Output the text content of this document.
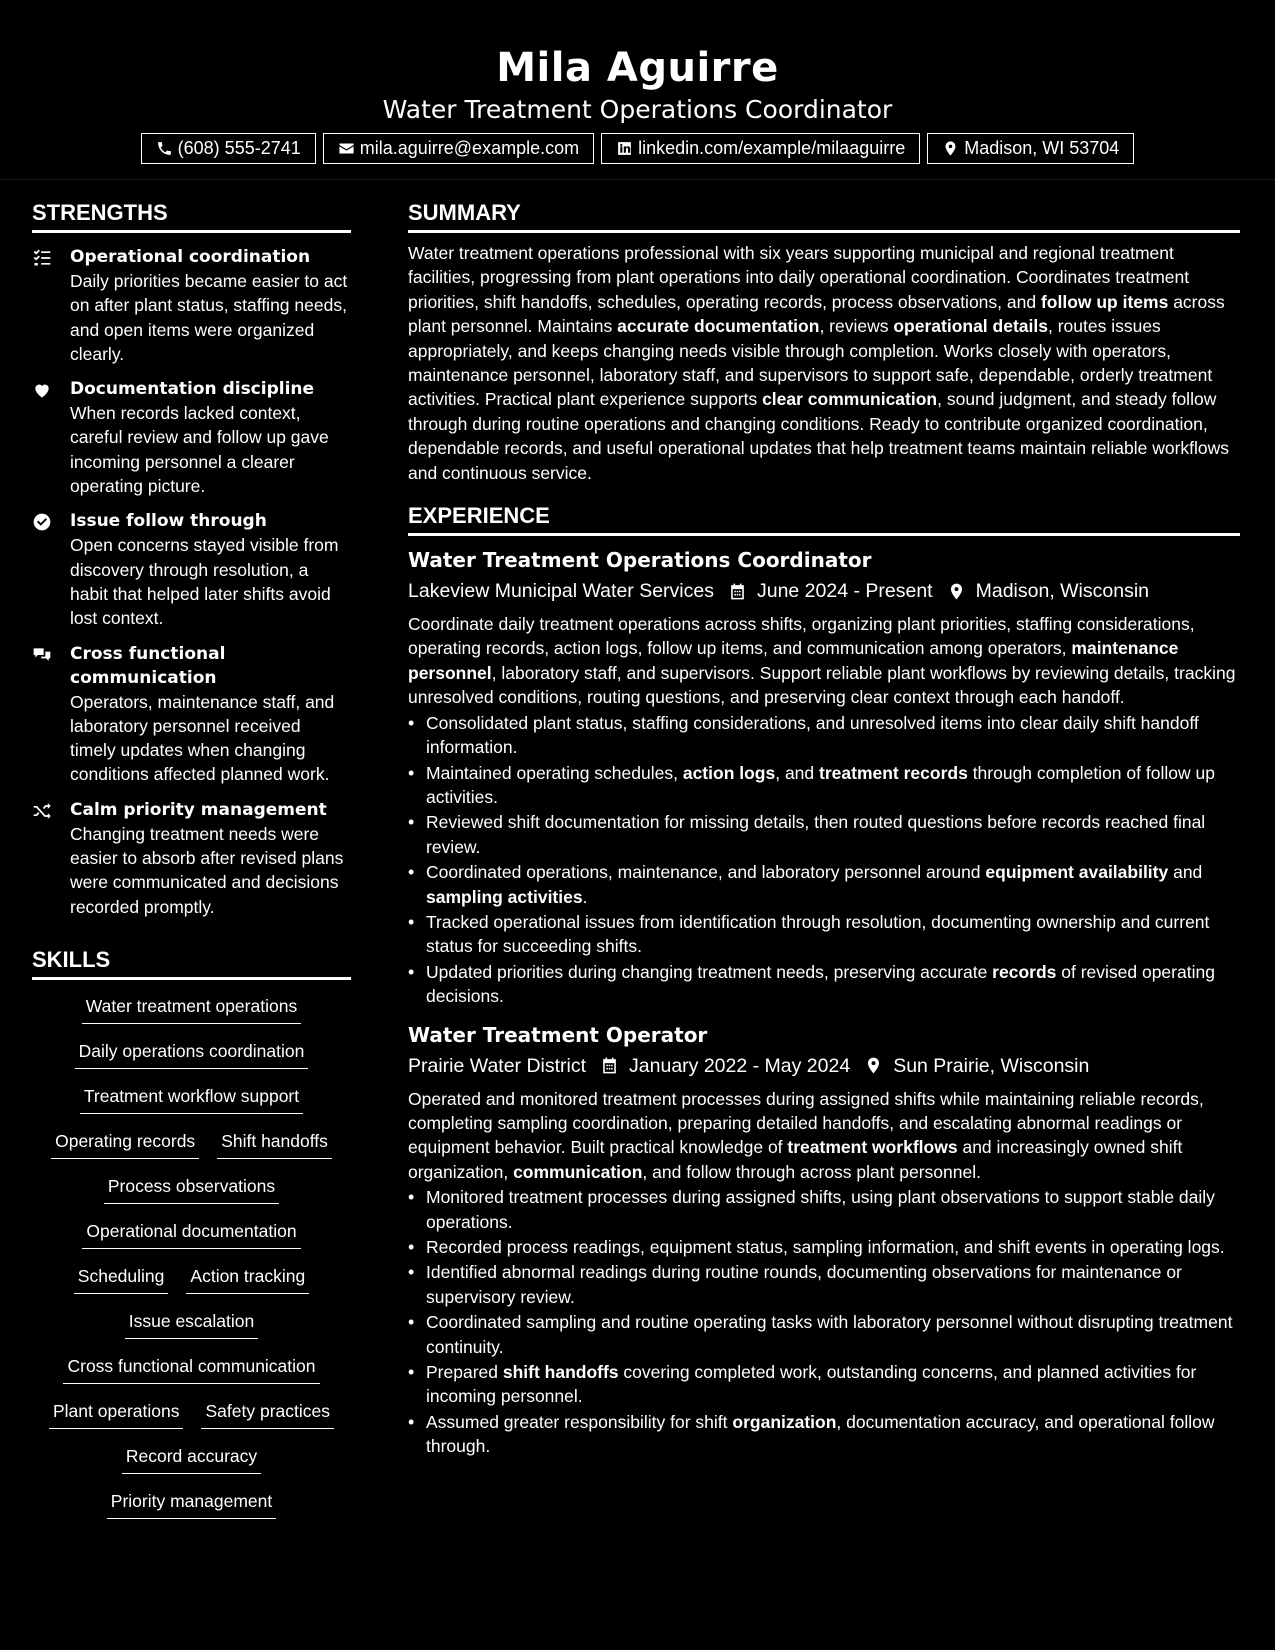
Mila Aguirre
Water Treatment Operations Coordinator
(608) 555-2741	mila.aguirre@example.com	linkedin.com/example/milaaguirre	Madison, WI 53704
STRENGTHS
Operational coordination
Daily priorities became easier to act on after plant status, staffing needs, and open items were organized clearly.
Documentation discipline
When records lacked context, careful review and follow up gave incoming personnel a clearer operating picture.
Issue follow through
Open concerns stayed visible from discovery through resolution, a habit that helped later shifts avoid lost context.
Cross functional communication
Operators, maintenance staff, and laboratory personnel received timely updates when changing conditions affected planned work.
Calm priority management
Changing treatment needs were easier to absorb after revised plans were communicated and decisions recorded promptly.
SKILLS
Water treatment operations
Daily operations coordination
Treatment workflow support
Operating records Shift handoffs
Process observations
Operational documentation
Scheduling Action tracking
Issue escalation
Cross functional communication
Plant operations Safety practices
Record accuracy
Priority management
SUMMARY
Water treatment operations professional with six years supporting municipal and regional treatment facilities, progressing from plant operations into daily operational coordination. Coordinates treatment priorities, shift handoffs, schedules, operating records, process observations, and follow up items across plant personnel. Maintains accurate documentation, reviews operational details, routes issues appropriately, and keeps changing needs visible through completion. Works closely with operators, maintenance personnel, laboratory staff, and supervisors to support safe, dependable, orderly treatment activities. Practical plant experience supports clear communication, sound judgment, and steady follow through during routine operations and changing conditions. Ready to contribute organized coordination, dependable records, and useful operational updates that help treatment teams maintain reliable workflows and continuous service.
EXPERIENCE
Water Treatment Operations Coordinator
Lakeview Municipal Water Services June 2024 - Present Madison, Wisconsin
Coordinate daily treatment operations across shifts, organizing plant priorities, staffing considerations, operating records, action logs, follow up items, and communication among operators, maintenance personnel, laboratory staff, and supervisors. Support reliable plant workflows by reviewing details, tracking unresolved conditions, routing questions, and preserving clear context through each handoff.
• Consolidated plant status, staffing considerations, and unresolved items into clear daily shift handoff information.
• Maintained operating schedules, action logs, and treatment records through completion of follow up activities.
• Reviewed shift documentation for missing details, then routed questions before records reached final review.
• Coordinated operations, maintenance, and laboratory personnel around equipment availability and sampling activities.
• Tracked operational issues from identification through resolution, documenting ownership and current status for succeeding shifts.
• Updated priorities during changing treatment needs, preserving accurate records of revised operating decisions.
Water Treatment Operator
Prairie Water District January 2022 - May 2024 Sun Prairie, Wisconsin
Operated and monitored treatment processes during assigned shifts while maintaining reliable records, completing sampling coordination, preparing detailed handoffs, and escalating abnormal readings or equipment behavior. Built practical knowledge of treatment workflows and increasingly owned shift organization, communication, and follow through across plant personnel.
• Monitored treatment processes during assigned shifts, using plant observations to support stable daily operations.
• Recorded process readings, equipment status, sampling information, and shift events in operating logs.
• Identified abnormal readings during routine rounds, documenting observations for maintenance or supervisory review.
• Coordinated sampling and routine operating tasks with laboratory personnel without disrupting treatment continuity.
• Prepared shift handoffs covering completed work, outstanding concerns, and planned activities for incoming personnel.
• Assumed greater responsibility for shift organization, documentation accuracy, and operational follow through.
